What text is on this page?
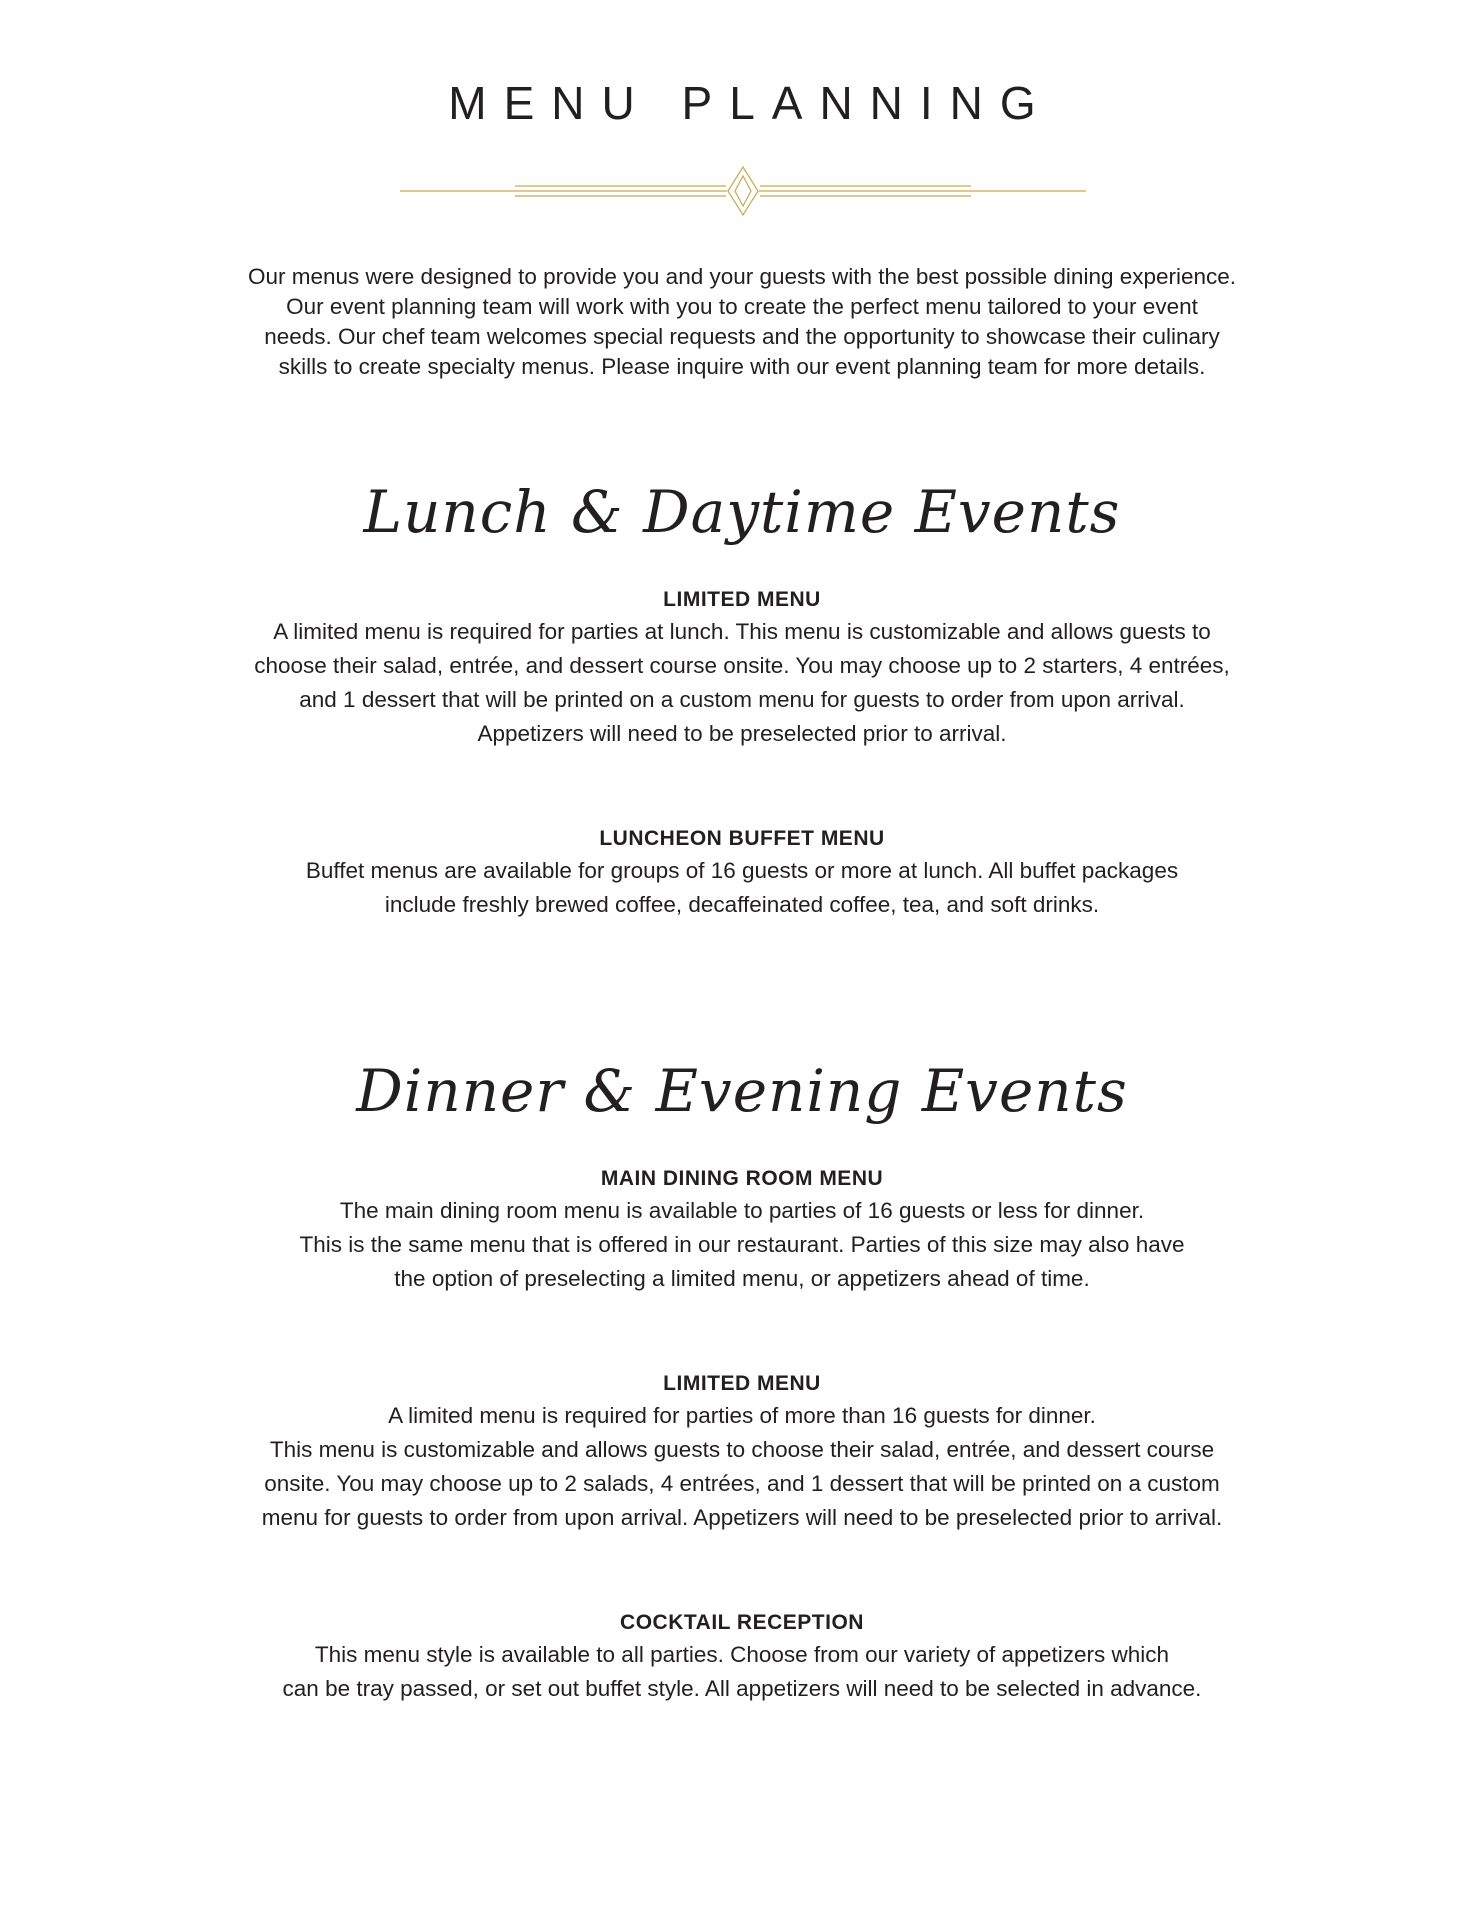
MENU PLANNING

Our menus were designed to provide you and your guests with the best possible dining experience.

Our event planning team will work with you to create the perfect menu tailored to your event

needs. Our chef team welcomes special requests and the opportunity to showcase their culinary

skills to create specialty menus. Please inquire with our event planning team for more details.

Lunch & Daytime Events
LIMITED MENU

A limited menu is required for parties at lunch. This menu is customizable and allows guests to

choose their salad, entrée, and dessert course onsite. You may choose up to 2 starters, 4 entrées,

and 1 dessert that will be printed on a custom menu for guests to order from upon arrival.

Appetizers will need to be preselected prior to arrival.

LUNCHEON BUFFET MENU

Buffet menus are available for groups of 16 guests or more at lunch. All buffet packages

include freshly brewed coffee, decaffeinated coffee, tea, and soft drinks.

Dinner & Evening Events
MAIN DINING ROOM MENU

The main dining room menu is available to parties of 16 guests or less for dinner.

This is the same menu that is offered in our restaurant. Parties of this size may also have

the option of preselecting a limited menu, or appetizers ahead of time.

LIMITED MENU

A limited menu is required for parties of more than 16 guests for dinner.

This menu is customizable and allows guests to choose their salad, entrée, and dessert course

onsite. You may choose up to 2 salads, 4 entrées, and 1 dessert that will be printed on a custom

menu for guests to order from upon arrival. Appetizers will need to be preselected prior to arrival.

COCKTAIL RECEPTION

This menu style is available to all parties. Choose from our variety of appetizers which

can be tray passed, or set out buffet style. All appetizers will need to be selected in advance.
